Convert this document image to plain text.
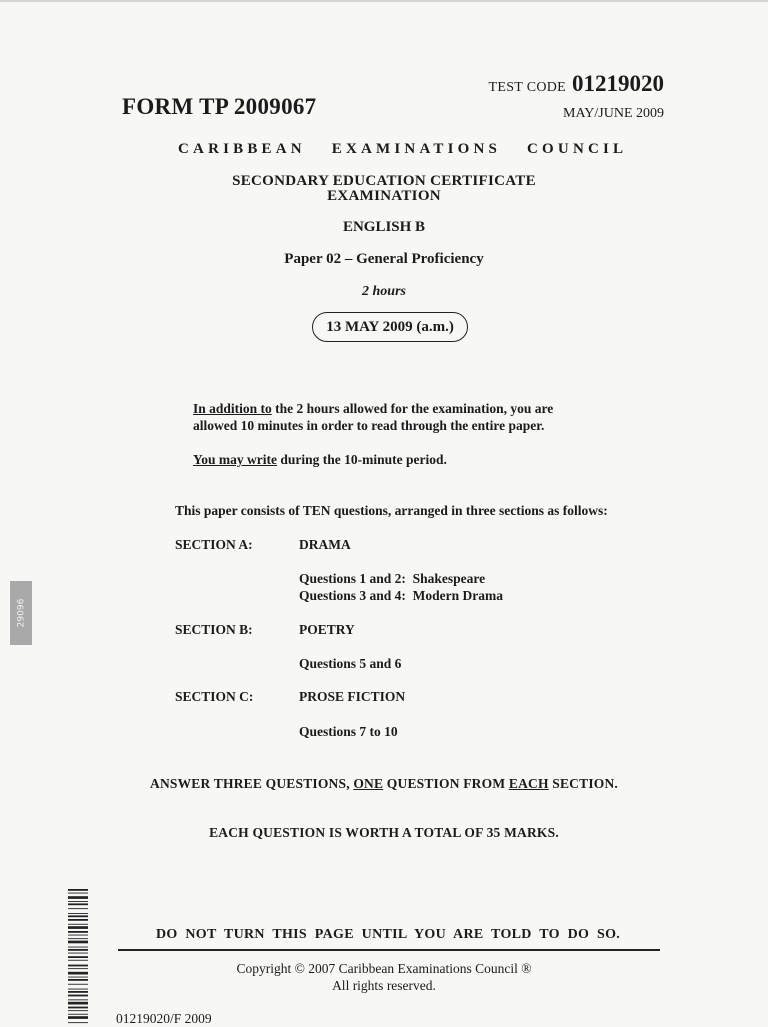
FORM TP 2009067
TEST CODE 01219020
MAY/JUNE 2009
CARIBBEAN EXAMINATIONS COUNCIL
SECONDARY EDUCATION CERTIFICATE
EXAMINATION
ENGLISH B
Paper 02 – General Proficiency
2 hours
13 MAY 2009 (a.m.)
In addition to the 2 hours allowed for the examination, you are
allowed 10 minutes in order to read through the entire paper.
You may write during the 10-minute period.
This paper consists of TEN questions, arranged in three sections as follows:
SECTION A:	DRAMA
Questions 1 and 2:  Shakespeare
Questions 3 and 4:  Modern Drama
SECTION B:	POETRY
Questions 5 and 6
SECTION C:	PROSE FICTION
Questions 7 to 10
ANSWER THREE QUESTIONS, ONE QUESTION FROM EACH SECTION.
EACH QUESTION IS WORTH A TOTAL OF 35 MARKS.
29096
DO NOT TURN THIS PAGE UNTIL YOU ARE TOLD TO DO SO.
Copyright © 2007 Caribbean Examinations Council ®
All rights reserved.
01219020/F 2009
